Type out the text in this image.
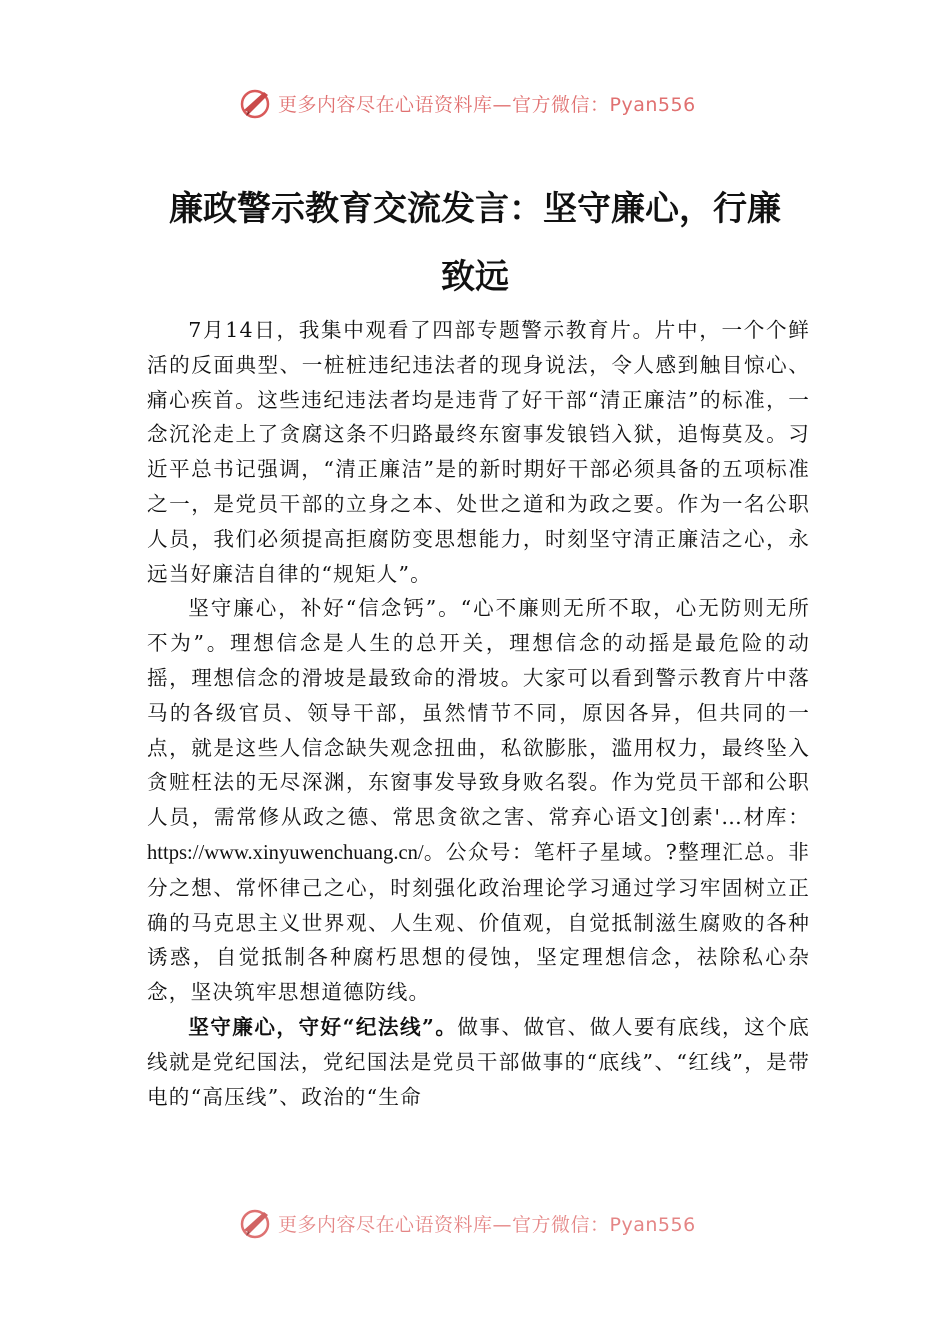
更多内容尽在心语资料库—官方微信：Pyan556
廉政警示教育交流发言：坚守廉心，行廉
致远

7月14日，我集中观看了四部专题警示教育片。片中，一个个鲜活的反面典型、一桩桩违纪违法者的现身说法，令人感到触目惊心、痛心疾首。这些违纪违法者均是违背了好干部“清正廉洁”的标准，一念沉沦走上了贪腐这条不归路最终东窗事发锒铛入狱，追悔莫及。习近平总书记强调，“清正廉洁”是的新时期好干部必须具备的五项标准之一，是党员干部的立身之本、处世之道和为政之要。作为一名公职人员，我们必须提高拒腐防变思想能力，时刻坚守清正廉洁之心，永远当好廉洁自律的“规矩人”。

坚守廉心，补好“信念钙”。“心不廉则无所不取，心无防则无所不为”。理想信念是人生的总开关，理想信念的动摇是最危险的动摇，理想信念的滑坡是最致命的滑坡。大家可以看到警示教育片中落马的各级官员、领导干部，虽然情节不同，原因各异，但共同的一点，就是这些人信念缺失观念扭曲，私欲膨胀，滥用权力，最终坠入贪赃枉法的无尽深渊，东窗事发导致身败名裂。作为党员干部和公职人员，需常修从政之德、常思贪欲之害、常弃心语文]创素'…材库：https://www.xinyuwenchuang.cn/。公众号：笔杆子星域。?整理汇总。非分之想、常怀律己之心，时刻强化政治理论学习通过学习牢固树立正确的马克思主义世界观、人生观、价值观，自觉抵制滋生腐败的各种诱惑，自觉抵制各种腐朽思想的侵蚀，坚定理想信念，祛除私心杂念，坚决筑牢思想道德防线。

坚守廉心，守好“纪法线”。做事、做官、做人要有底线，这个底线就是党纪国法，党纪国法是党员干部做事的“底线”、“红线”，是带电的“高压线”、政治的“生命

更多内容尽在心语资料库—官方微信：Pyan556
